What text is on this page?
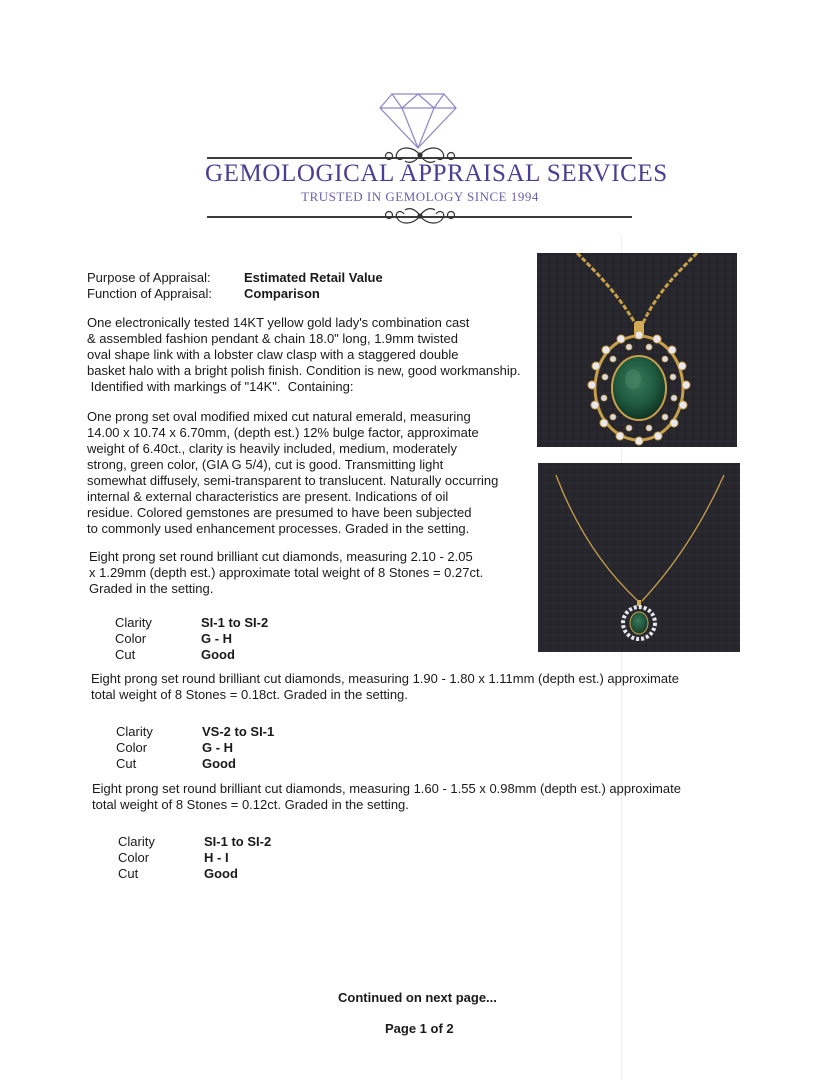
GEMOLOGICAL APPRAISAL SERVICES
TRUSTED IN GEMOLOGY SINCE 1994
Purpose of Appraisal:	Estimated Retail Value
Function of Appraisal: Comparison
One electronically tested 14KT yellow gold lady's combination cast
& assembled fashion pendant & chain 18.0" long, 1.9mm twisted
oval shape link with a lobster claw clasp with a staggered double
basket halo with a bright polish finish. Condition is new, good workmanship.
Identified with markings of "14K".  Containing:
One prong set oval modified mixed cut natural emerald, measuring
14.00 x 10.74 x 6.70mm, (depth est.) 12% bulge factor, approximate
weight of 6.40ct., clarity is heavily included, medium, moderately
strong, green color, (GIA G 5/4), cut is good. Transmitting light
somewhat diffusely, semi-transparent to translucent. Naturally occurring
internal & external characteristics are present. Indications of oil
residue. Colored gemstones are presumed to have been subjected
to commonly used enhancement processes. Graded in the setting.
Eight prong set round brilliant cut diamonds, measuring 2.10 - 2.05
x 1.29mm (depth est.) approximate total weight of 8 Stones = 0.27ct.
Graded in the setting.
Clarity	SI-1 to SI-2
Color	G - H
Cut	Good
Eight prong set round brilliant cut diamonds, measuring 1.90 - 1.80 x 1.11mm (depth est.) approximate
total weight of 8 Stones = 0.18ct. Graded in the setting.
Clarity	VS-2 to SI-1
Color	G - H
Cut	Good
Eight prong set round brilliant cut diamonds, measuring 1.60 - 1.55 x 0.98mm (depth est.) approximate
total weight of 8 Stones = 0.12ct. Graded in the setting.
Clarity	SI-1 to SI-2
Color	H - I
Cut	Good
Continued on next page...
Page 1 of 2
